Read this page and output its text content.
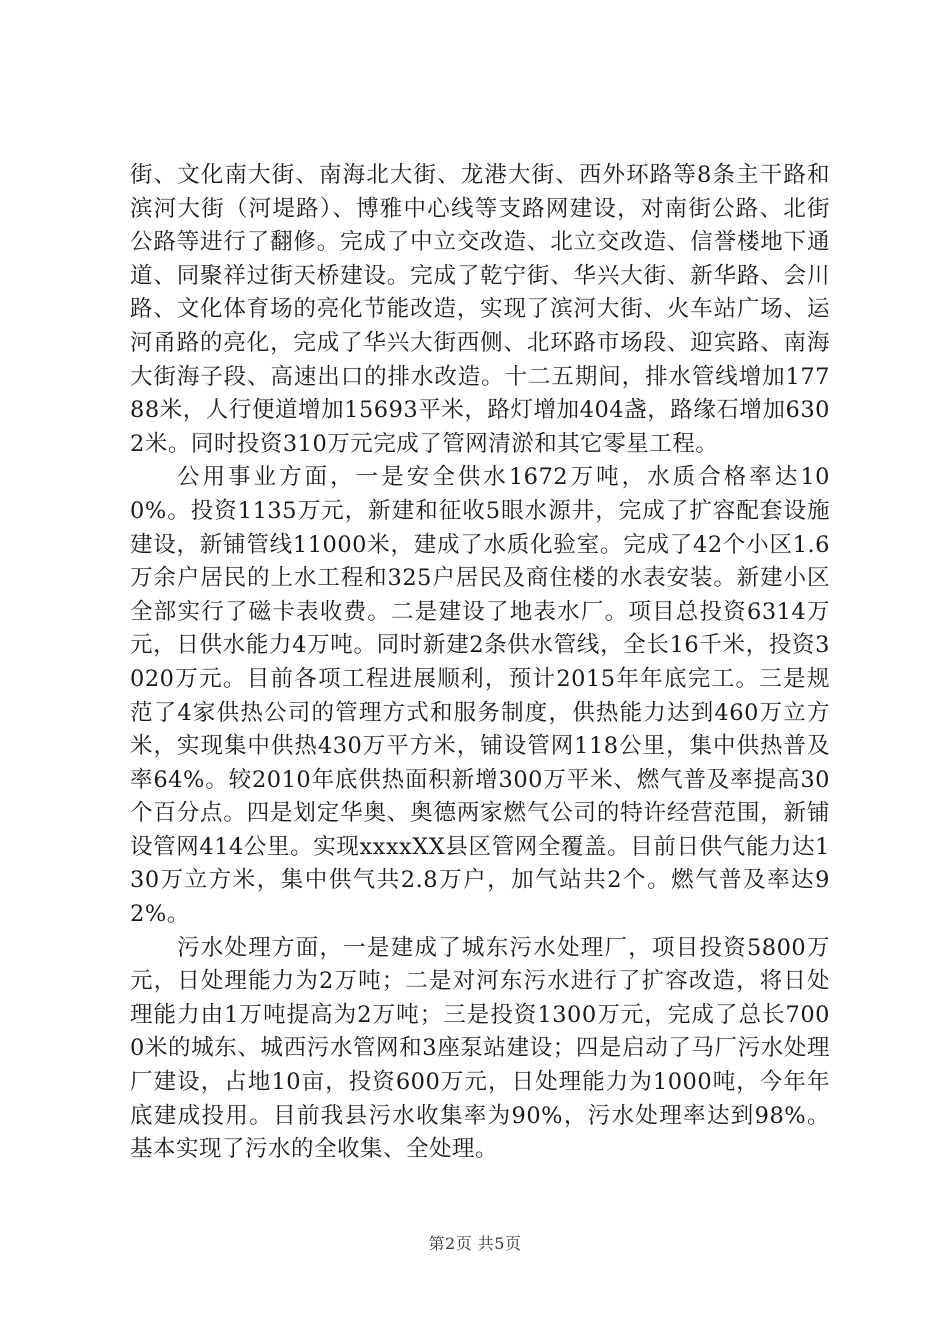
街、文化南大街、南海北大街、龙港大街、西外环路等8条主干路和滨河大街（河堤路）、博雅中心线等支路网建设，对南街公路、北街公路等进行了翻修。完成了中立交改造、北立交改造、信誉楼地下通道、同聚祥过街天桥建设。完成了乾宁街、华兴大街、新华路、会川路、文化体育场的亮化节能改造，实现了滨河大街、火车站广场、运河甬路的亮化，完成了华兴大街西侧、北环路市场段、迎宾路、南海大街海子段、高速出口的排水改造。十二五期间，排水管线增加17788米，人行便道增加15693平米，路灯增加404盏，路缘石增加6302米。同时投资310万元完成了管网清淤和其它零星工程。

公用事业方面，一是安全供水1672万吨，水质合格率达100%。投资1135万元，新建和征收5眼水源井，完成了扩容配套设施建设，新铺管线11000米，建成了水质化验室。完成了42个小区1.6万余户居民的上水工程和325户居民及商住楼的水表安装。新建小区全部实行了磁卡表收费。二是建设了地表水厂。项目总投资6314万元，日供水能力4万吨。同时新建2条供水管线，全长16千米，投资3020万元。目前各项工程进展顺利，预计2015年年底完工。三是规范了4家供热公司的管理方式和服务制度，供热能力达到460万立方米，实现集中供热430万平方米，铺设管网118公里，集中供热普及率64%。较2010年底供热面积新增300万平米、燃气普及率提高30个百分点。四是划定华奥、奥德两家燃气公司的特许经营范围，新铺设管网414公里。实现xxxxXX县区管网全覆盖。目前日供气能力达130万立方米，集中供气共2.8万户，加气站共2个。燃气普及率达92%。

污水处理方面，一是建成了城东污水处理厂，项目投资5800万元，日处理能力为2万吨；二是对河东污水进行了扩容改造，将日处理能力由1万吨提高为2万吨；三是投资1300万元，完成了总长7000米的城东、城西污水管网和3座泵站建设；四是启动了马厂污水处理厂建设，占地10亩，投资600万元，日处理能力为1000吨，今年年底建成投用。目前我县污水收集率为90%，污水处理率达到98%。基本实现了污水的全收集、全处理。

第2页 共5页
